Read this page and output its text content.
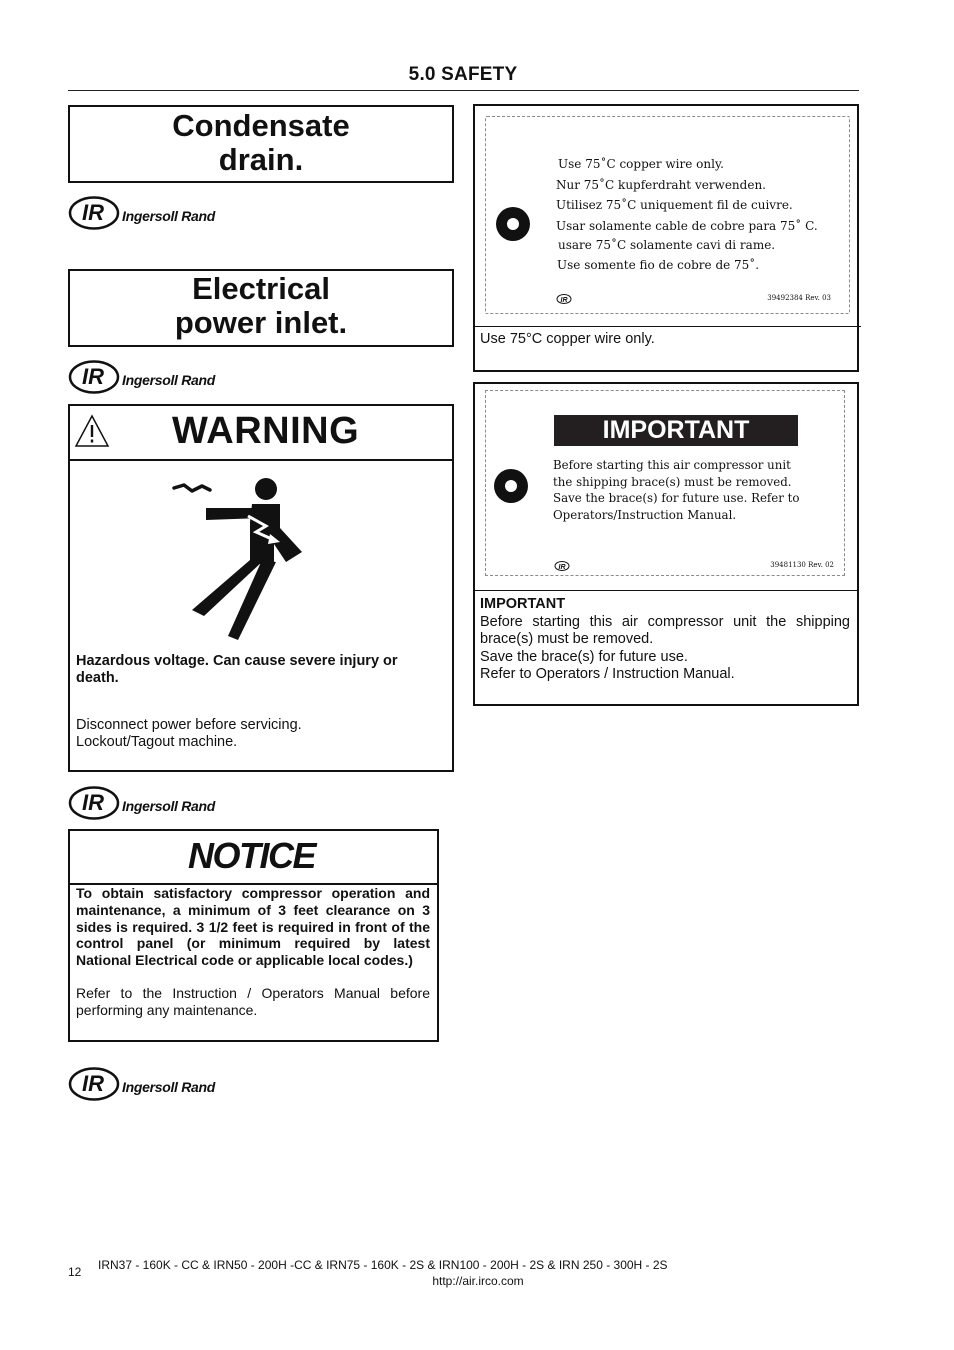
5.0 SAFETY
Condensate
drain.
IR Ingersoll Rand
Electrical
power inlet.
IR Ingersoll Rand
WARNING
Hazardous voltage. Can cause severe injury or death.
Disconnect power before servicing.
Lockout/Tagout machine.
IR Ingersoll Rand
NOTICE
To obtain satisfactory compressor operation and maintenance, a minimum of 3 feet clearance on 3 sides is required. 3 1/2 feet is required in front of the control panel (or minimum required by latest National Electrical code or applicable local codes.)
Refer to the Instruction / Operators Manual before performing any maintenance.
IR Ingersoll Rand
Use 75˚C copper wire only.
Nur 75˚C kupferdraht verwenden.
Utilisez 75˚C uniquement fil de cuivre.
Usar solamente cable de cobre para 75˚ C.
usare 75˚C solamente cavi di rame.
Use somente fio de cobre de 75˚.
IR	39492384 Rev. 03
Use 75°C copper wire only.
IMPORTANT
Before starting this air compressor unit
the shipping brace(s) must be removed.
Save the brace(s) for future use. Refer to
Operators/Instruction Manual.
IR	39481130 Rev. 02
IMPORTANT
Before starting this air compressor unit the shipping brace(s) must be removed.
Save the brace(s) for future use.
Refer to Operators / Instruction Manual.
12 IRN37 - 160K - CC & IRN50 - 200H -CC & IRN75 - 160K - 2S & IRN100 - 200H - 2S & IRN 250 - 300H - 2S
http://air.irco.com
